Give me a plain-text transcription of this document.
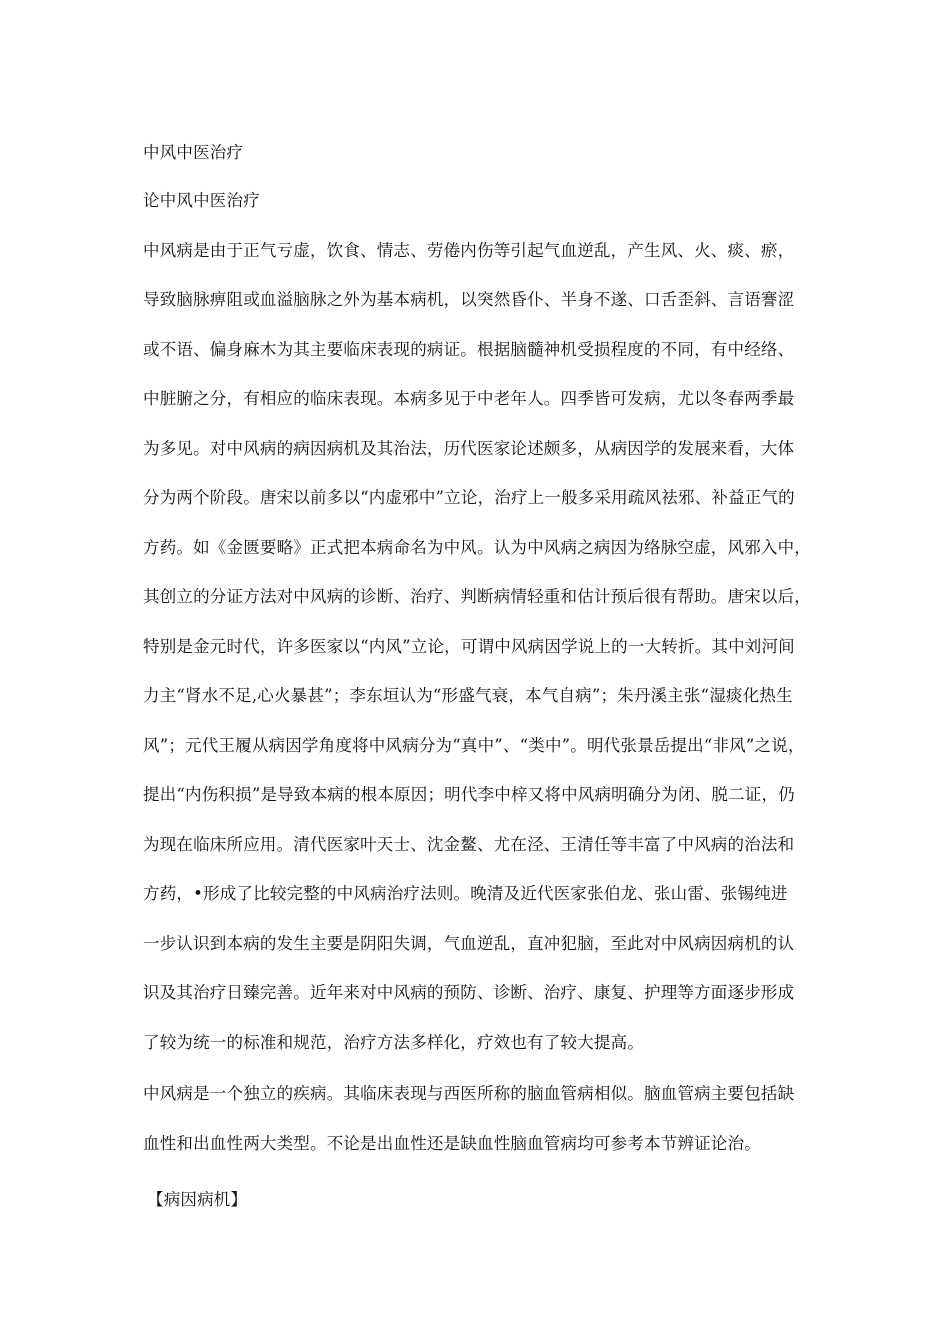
中风中医治疗
论中风中医治疗
中风病是由于正气亏虚，饮食、情志、劳倦内伤等引起气血逆乱，产生风、火、痰、瘀，
导致脑脉痹阻或血溢脑脉之外为基本病机，以突然昏仆、半身不遂、口舌歪斜、言语謇涩
或不语、偏身麻木为其主要临床表现的病证。根据脑髓神机受损程度的不同，有中经络、
中脏腑之分，有相应的临床表现。本病多见于中老年人。四季皆可发病，尤以冬春两季最
为多见。对中风病的病因病机及其治法，历代医家论述颇多，从病因学的发展来看，大体
分为两个阶段。唐宋以前多以“内虚邪中”立论，治疗上一般多采用疏风祛邪、补益正气的
方药。如《金匮要略》正式把本病命名为中风。认为中风病之病因为络脉空虚，风邪入中，
其创立的分证方法对中风病的诊断、治疗、判断病情轻重和估计预后很有帮助。唐宋以后，
特别是金元时代，许多医家以“内风”立论，可谓中风病因学说上的一大转折。其中刘河间
力主“肾水不足,心火暴甚”；李东垣认为“形盛气衰，本气自病”；朱丹溪主张“湿痰化热生
风”；元代王履从病因学角度将中风病分为“真中”、“类中”。明代张景岳提出“非风”之说，
提出“内伤积损”是导致本病的根本原因；明代李中梓又将中风病明确分为闭、脱二证，仍
为现在临床所应用。清代医家叶天士、沈金鳌、尤在泾、王清任等丰富了中风病的治法和
方药，•形成了比较完整的中风病治疗法则。晚清及近代医家张伯龙、张山雷、张锡纯进
一步认识到本病的发生主要是阴阳失调，气血逆乱，直冲犯脑，至此对中风病因病机的认
识及其治疗日臻完善。近年来对中风病的预防、诊断、治疗、康复、护理等方面逐步形成
了较为统一的标准和规范，治疗方法多样化，疗效也有了较大提高。
中风病是一个独立的疾病。其临床表现与西医所称的脑血管病相似。脑血管病主要包括缺
血性和出血性两大类型。不论是出血性还是缺血性脑血管病均可参考本节辨证论治。
【病因病机】
